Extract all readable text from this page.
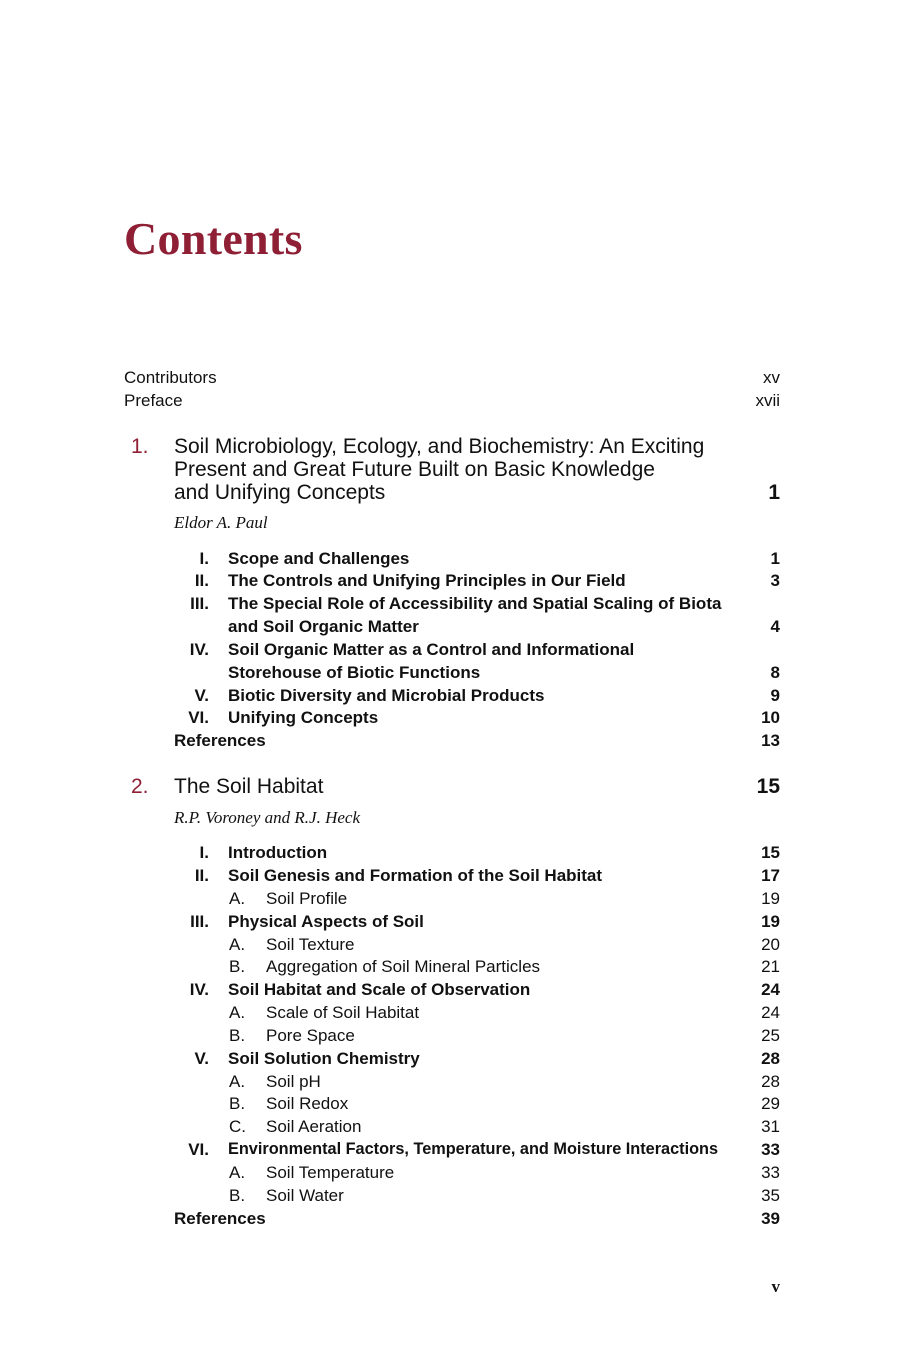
Contents
Contributors	xv
Preface	xvii
1. Soil Microbiology, Ecology, and Biochemistry: An Exciting
Present and Great Future Built on Basic Knowledge
and Unifying Concepts	1
Eldor A. Paul
I. Scope and Challenges	1
II. The Controls and Unifying Principles in Our Field	3
III. The Special Role of Accessibility and Spatial Scaling of Biota
and Soil Organic Matter	4
IV. Soil Organic Matter as a Control and Informational
Storehouse of Biotic Functions	8
V. Biotic Diversity and Microbial Products	9
VI. Unifying Concepts	10
References	13
2. The Soil Habitat	15
R.P. Voroney and R.J. Heck
I. Introduction	15
II. Soil Genesis and Formation of the Soil Habitat	17
A. Soil Profile	19
III. Physical Aspects of Soil	19
A. Soil Texture	20
B. Aggregation of Soil Mineral Particles	21
IV. Soil Habitat and Scale of Observation	24
A. Scale of Soil Habitat	24
B. Pore Space	25
V. Soil Solution Chemistry	28
A. Soil pH	28
B. Soil Redox	29
C. Soil Aeration	31
VI. Environmental Factors, Temperature, and Moisture Interactions	33
A. Soil Temperature	33
B. Soil Water	35
References	39
v
